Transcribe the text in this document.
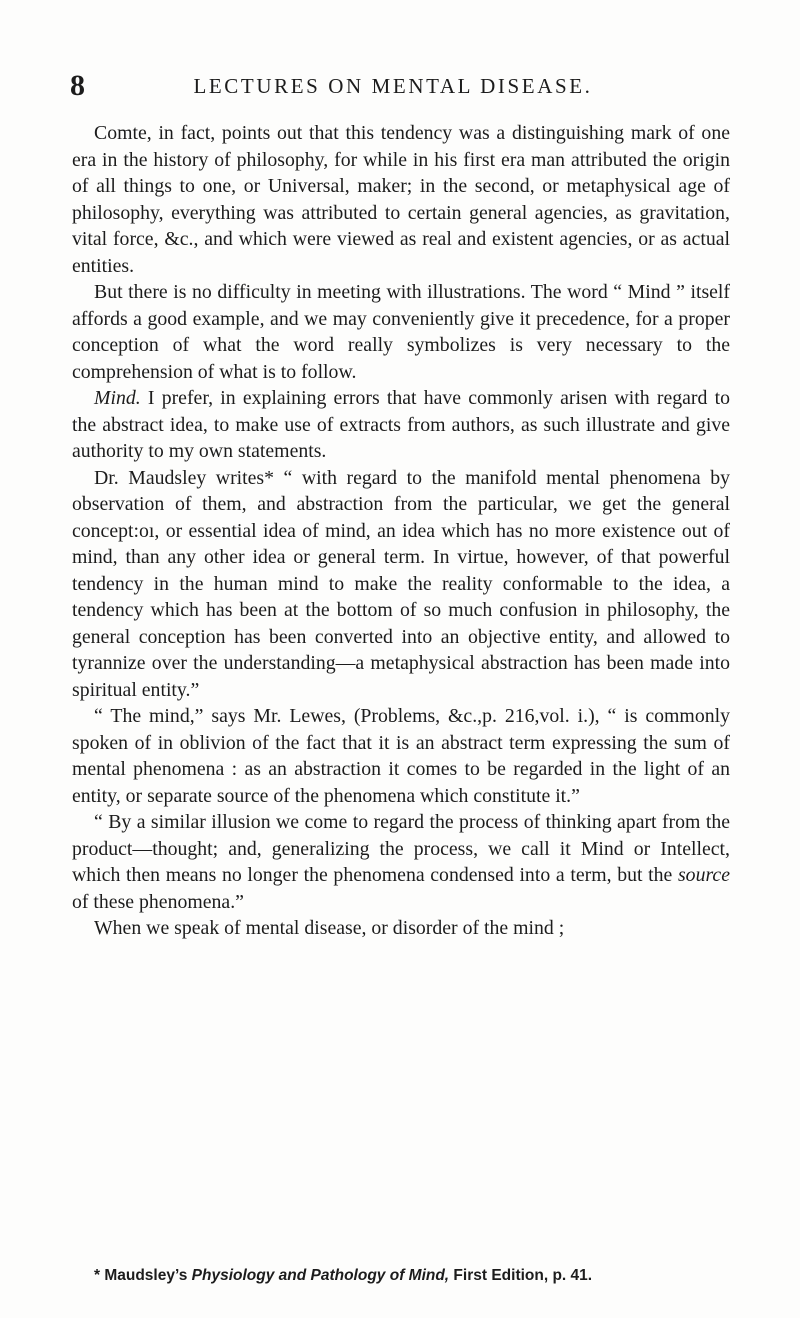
8	LECTURES ON MENTAL DISEASE.

Comte, in fact, points out that this tendency was a distinguishing mark of one era in the history of philosophy, for while in his first era man attributed the origin of all things to one, or Universal, maker; in the second, or metaphysical age of philosophy, everything was attributed to certain general agencies, as gravitation, vital force, &c., and which were viewed as real and existent agencies, or as actual entities.

But there is no difficulty in meeting with illustrations. The word “ Mind ” itself affords a good example, and we may conveniently give it precedence, for a proper conception of what the word really symbolizes is very necessary to the comprehension of what is to follow.

Mind. I prefer, in explaining errors that have commonly arisen with regard to the abstract idea, to make use of extracts from authors, as such illustrate and give authority to my own statements.

Dr. Maudsley writes* “ with regard to the manifold mental phenomena by observation of them, and abstraction from the particular, we get the general concept:oı, or essential idea of mind, an idea which has no more existence out of mind, than any other idea or general term. In virtue, however, of that powerful tendency in the human mind to make the reality conformable to the idea, a tendency which has been at the bottom of so much confusion in philosophy, the general conception has been converted into an objective entity, and allowed to tyrannize over the understanding—a metaphysical abstraction has been made into spiritual entity.”

“ The mind,” says Mr. Lewes, (Problems, &c.,p. 216,vol. i.), “ is commonly spoken of in oblivion of the fact that it is an abstract term expressing the sum of mental phenomena : as an abstraction it comes to be regarded in the light of an entity, or separate source of the phenomena which constitute it.”

“ By a similar illusion we come to regard the process of thinking apart from the product—thought; and, generalizing the process, we call it Mind or Intellect, which then means no longer the phenomena condensed into a term, but the source of these phenomena.”

When we speak of mental disease, or disorder of the mind ;

* Maudsley’s Physiology and Pathology of Mind, First Edition, p. 41.
